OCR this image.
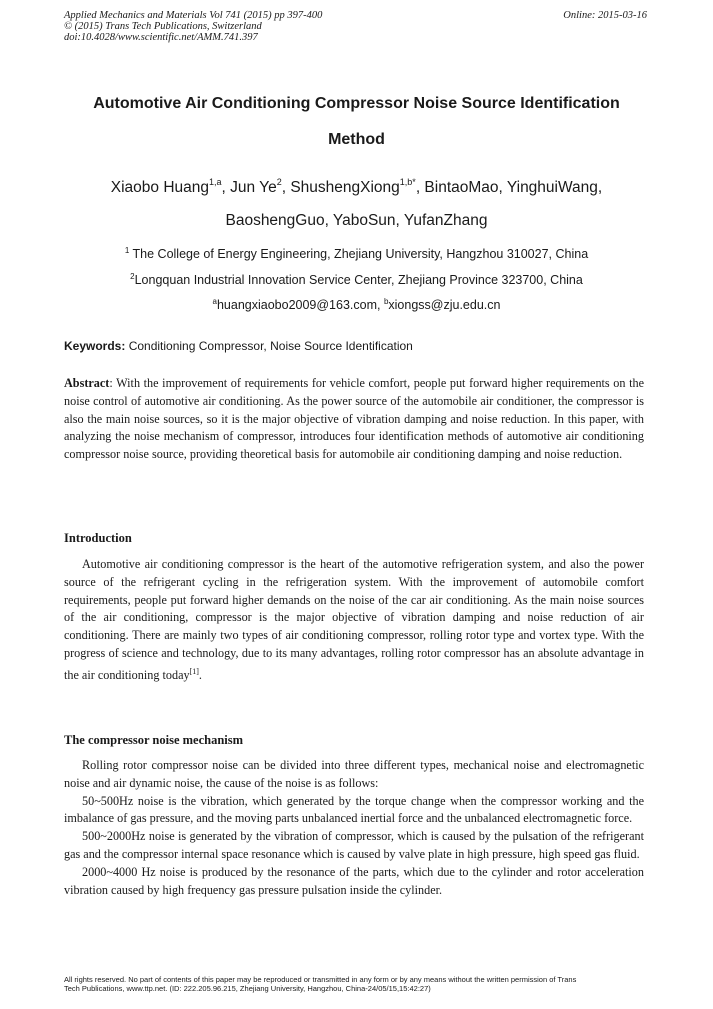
Applied Mechanics and Materials Vol 741 (2015) pp 397-400
© (2015) Trans Tech Publications, Switzerland
doi:10.4028/www.scientific.net/AMM.741.397
Online: 2015-03-16
Automotive Air Conditioning Compressor Noise Source Identification
Method
Xiaobo Huang$^{1,a}$, Jun Ye$^2$, ShushengXiong$^{1,b*}$, BintaoMao, YinghuiWang,
BaoshengGuo, YaboSun, YufanZhang
$^1$ The College of Energy Engineering, Zhejiang University, Hangzhou 310027, China
$^2$Longquan Industrial Innovation Service Center, Zhejiang Province 323700, China
$^a$huangxiaobo2009@163.com, $^b$xiongss@zju.edu.cn
Keywords: Conditioning Compressor, Noise Source Identification
Abstract: With the improvement of requirements for vehicle comfort, people put forward higher requirements on the noise control of automotive air conditioning. As the power source of the automobile air conditioner, the compressor is also the main noise sources, so it is the major objective of vibration damping and noise reduction. In this paper, with analyzing the noise mechanism of compressor, introduces four identification methods of automotive air conditioning compressor noise source, providing theoretical basis for automobile air conditioning damping and noise reduction.
Introduction
Automotive air conditioning compressor is the heart of the automotive refrigeration system, and also the power source of the refrigerant cycling in the refrigeration system. With the improvement of automobile comfort requirements, people put forward higher demands on the noise of the car air conditioning. As the main noise sources of the air conditioning, compressor is the major objective of vibration damping and noise reduction of air conditioning. There are mainly two types of air conditioning compressor, rolling rotor type and vortex type. With the progress of science and technology, due to its many advantages, rolling rotor compressor has an absolute advantage in the air conditioning today[1].
The compressor noise mechanism

Rolling rotor compressor noise can be divided into three different types, mechanical noise and electromagnetic noise and air dynamic noise, the cause of the noise is as follows:

50~500Hz noise is the vibration, which generated by the torque change when the compressor working and the imbalance of gas pressure, and the moving parts unbalanced inertial force and the unbalanced electromagnetic force.

500~2000Hz noise is generated by the vibration of compressor, which is caused by the pulsation of the refrigerant gas and the compressor internal space resonance which is caused by valve plate in high pressure, high speed gas fluid.

2000~4000 Hz noise is produced by the resonance of the parts, which due to the cylinder and rotor acceleration vibration caused by high frequency gas pressure pulsation inside the cylinder.

All rights reserved. No part of contents of this paper may be reproduced or transmitted in any form or by any means without the written permission of Trans
Tech Publications, www.ttp.net. (ID: 222.205.96.215, Zhejiang University, Hangzhou, China-24/05/15,15:42:27)
